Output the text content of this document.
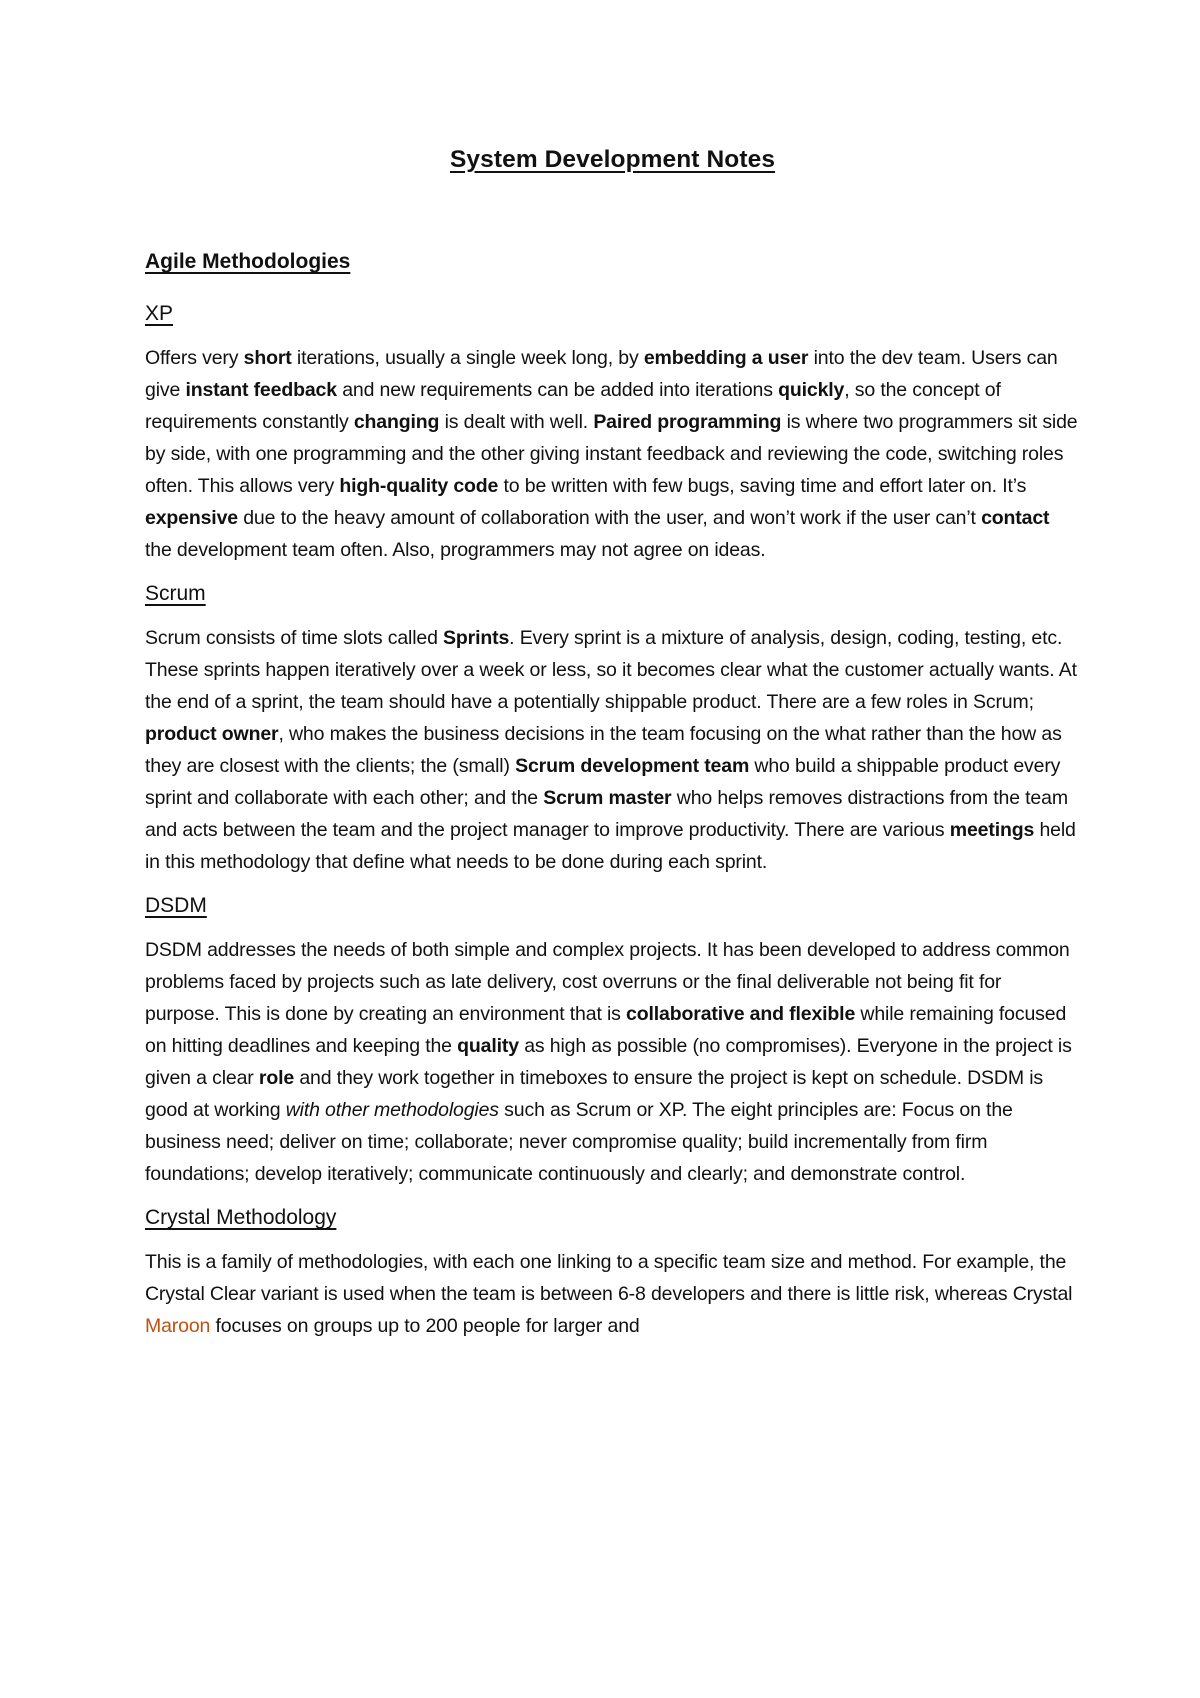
System Development Notes
Agile Methodologies
XP

Offers very short iterations, usually a single week long, by embedding a user into the dev team. Users can give instant feedback and new requirements can be added into iterations quickly, so the concept of requirements constantly changing is dealt with well. Paired programming is where two programmers sit side by side, with one programming and the other giving instant feedback and reviewing the code, switching roles often. This allows very high-quality code to be written with few bugs, saving time and effort later on. It’s expensive due to the heavy amount of collaboration with the user, and won’t work if the user can’t contact the development team often. Also, programmers may not agree on ideas.

Scrum

Scrum consists of time slots called Sprints. Every sprint is a mixture of analysis, design, coding, testing, etc. These sprints happen iteratively over a week or less, so it becomes clear what the customer actually wants. At the end of a sprint, the team should have a potentially shippable product. There are a few roles in Scrum; product owner, who makes the business decisions in the team focusing on the what rather than the how as they are closest with the clients; the (small) Scrum development team who build a shippable product every sprint and collaborate with each other; and the Scrum master who helps removes distractions from the team and acts between the team and the project manager to improve productivity. There are various meetings held in this methodology that define what needs to be done during each sprint.

DSDM

DSDM addresses the needs of both simple and complex projects. It has been developed to address common problems faced by projects such as late delivery, cost overruns or the final deliverable not being fit for purpose. This is done by creating an environment that is collaborative and flexible while remaining focused on hitting deadlines and keeping the quality as high as possible (no compromises). Everyone in the project is given a clear role and they work together in timeboxes to ensure the project is kept on schedule. DSDM is good at working with other methodologies such as Scrum or XP. The eight principles are: Focus on the business need; deliver on time; collaborate; never compromise quality; build incrementally from firm foundations; develop iteratively; communicate continuously and clearly; and demonstrate control.

Crystal Methodology

This is a family of methodologies, with each one linking to a specific team size and method. For example, the Crystal Clear variant is used when the team is between 6-8 developers and there is little risk, whereas Crystal Maroon focuses on groups up to 200 people for larger and
